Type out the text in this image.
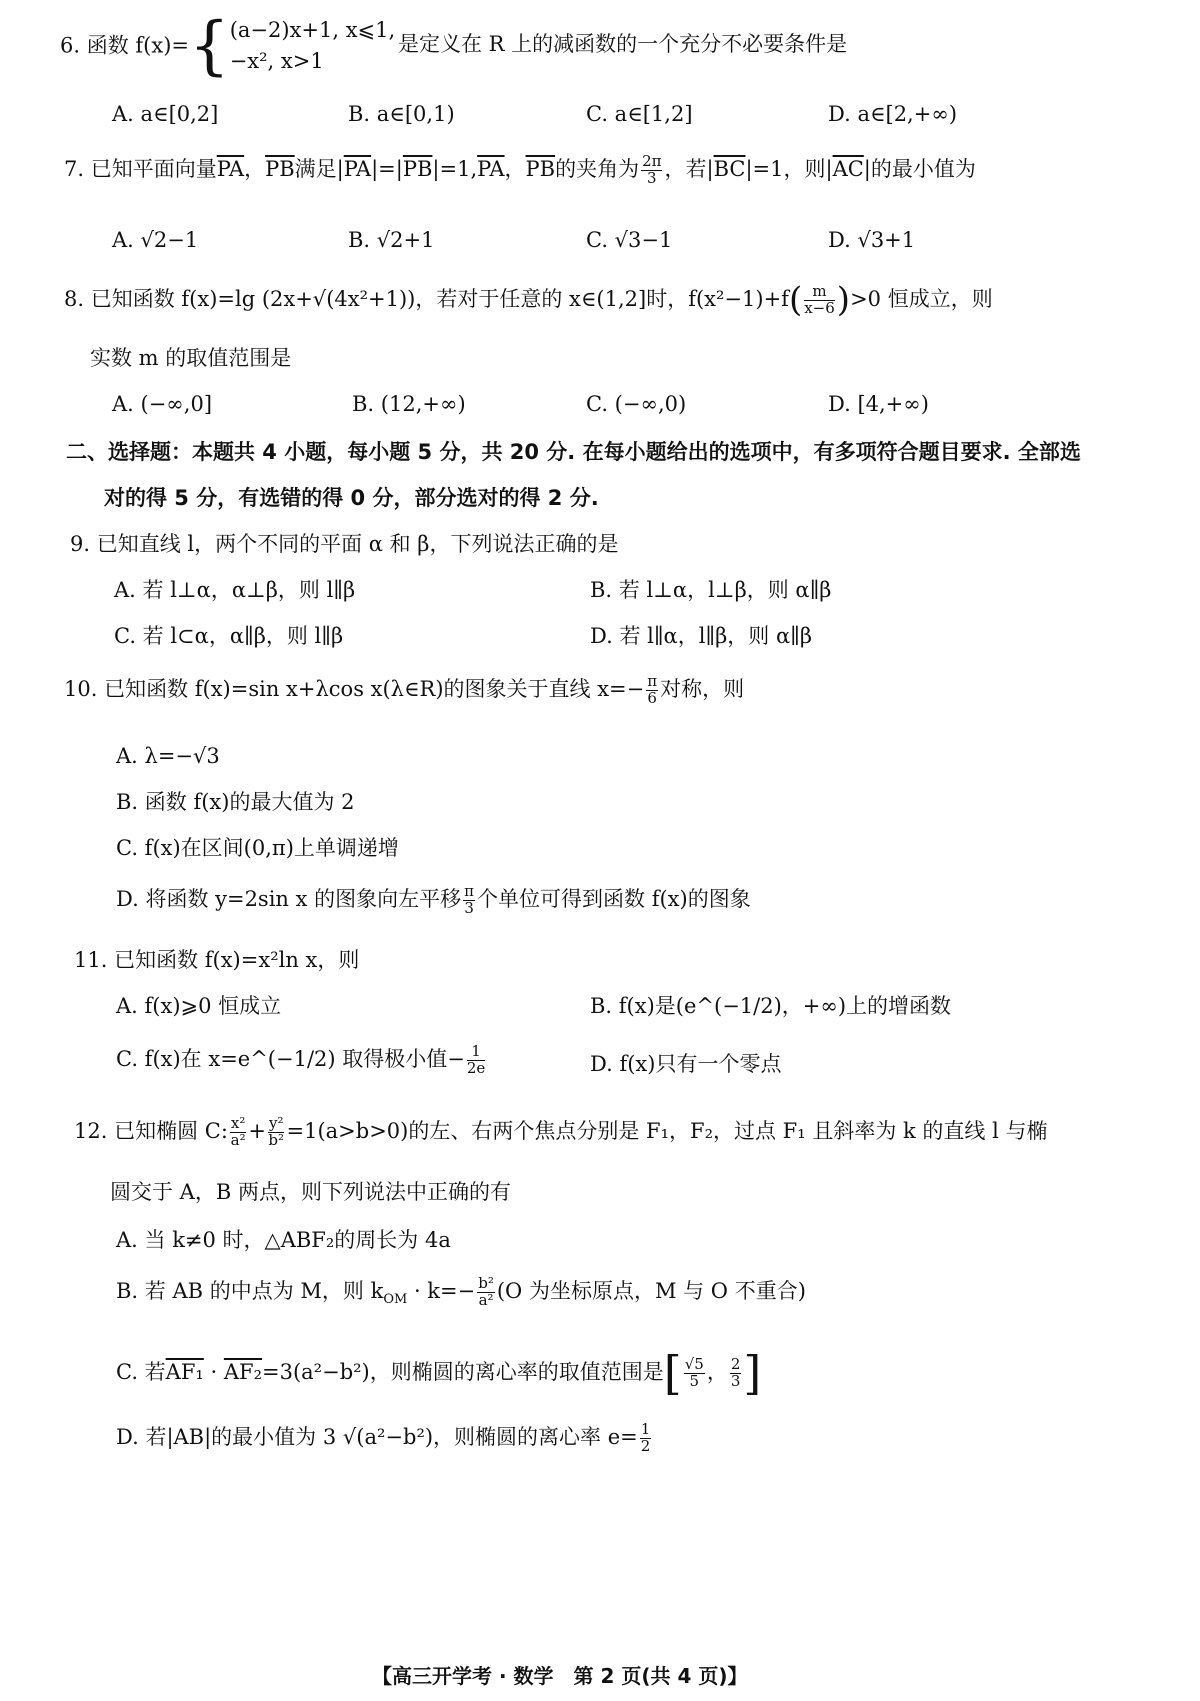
6. 函数 f(x)={ (a−2)x+1, x⩽1,
−x², x>1
是定义在 R 上的减函数的一个充分不必要条件是
A. a∈[0,2]	B. a∈[0,1)	C. a∈[1,2]	D. a∈[2,+∞)
7. 已知平面向量$\overline{PA}$，$\overline{PB}$满足$|\overline{PA}|=|\overline{PB}|=1,\overline{PA}$，$\overline{PB}$的夹角为 $\frac{2\pi}{3}$ ，若$|\overline{BC}|=1$，则$|\overline{AC}|$的最小值为
A. √2−1	B. √2+1	C. √3−1	D. √3+1
8. 已知函数 f(x)=lg (2x+√(4x²+1))，若对于任意的 x∈(1,2]时，$f(x^2-1)+f( \frac{m}{x-6} )>0$ 恒成立，则
实数 m 的取值范围是
A. (−∞,0]	B. (12,+∞)	C. (−∞,0)	D. [4,+∞)
二、选择题：本题共 4 小题，每小题 5 分，共 20 分. 在每小题给出的选项中，有多项符合题目要求. 全部选
对的得 5 分，有选错的得 0 分，部分选对的得 2 分.
9. 已知直线 l，两个不同的平面 α 和 β，下列说法正确的是
A. 若 l⊥α，α⊥β，则 l∥β	B. 若 l⊥α，l⊥β，则 α∥β
C. 若 l⊂α，α∥β，则 l∥β	D. 若 l∥α，l∥β，则 α∥β
10. 已知函数 f(x)=sin x+λcos x(λ∈R)的图象关于直线 $x=- \frac{\pi}{6}$ 对称，则
A. λ=−√3
B. 函数 f(x)的最大值为 2
C. f(x)在区间(0,π)上单调递增
D. 将函数 y=2sin x 的图象向左平移 $\frac{\pi}{3}$ 个单位可得到函数 f(x)的图象
11. 已知函数 f(x)=x²ln x，则
A. f(x)⩾0 恒成立	B. f(x)是(e^(−1/2)，+∞)上的增函数
C. f(x)在 x=e^(−1/2) 取得极小值− $\frac{1}{2e}$	D. f(x)只有一个零点
12. 已知椭圆 C: $\frac{\text{x²}}{\text{a²}} + \frac{\text{y²}}{\text{b²}} =1(a>b>0)$的左、右两个焦点分别是 F₁，F₂，过点 F₁ 且斜率为 k 的直线 l 与椭
圆交于 A，B 两点，则下列说法中正确的有
A. 当 k≠0 时，△ABF₂的周长为 4a
B. 若 AB 的中点为 M，则 $k_{OM} \cdot k=- \frac{\text{b²}}{\text{a²}} (O$ 为坐标原点，M 与 O 不重合)
C. 若AF₁ · AF₂=3(a²−b²)，则椭圆的离心率的取值范围是[ $\frac{√5}{5}$ ， $\frac{2}{3}$ ]
D. 若|AB|的最小值为 3 √(a²−b²)，则椭圆的离心率 $e= \frac{1}{2}$
【高三开学考 · 数学　第 2 页(共 4 页)】
